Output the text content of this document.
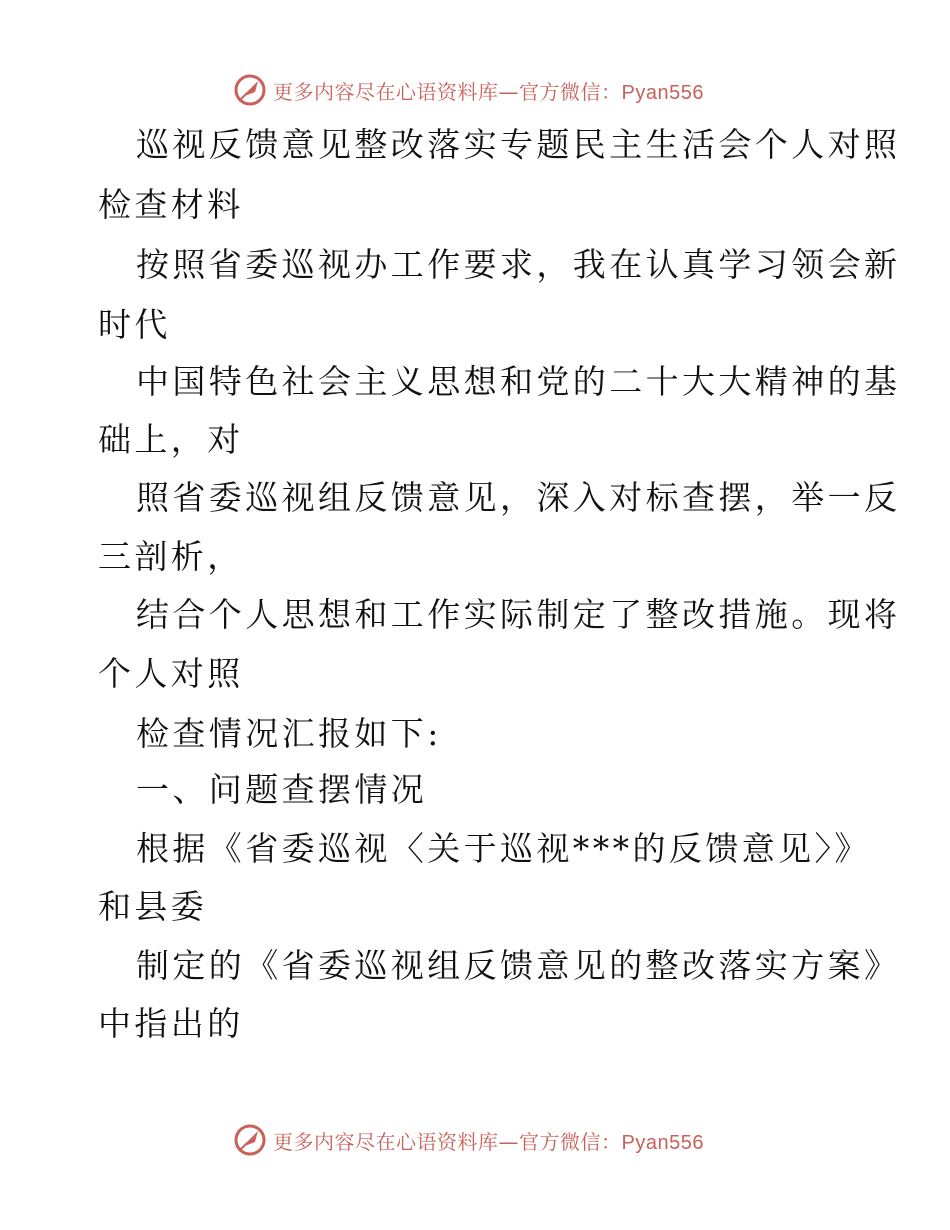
更多内容尽在心语资料库—官方微信：Pyan556
巡视反馈意见整改落实专题民主生活会个人对照
检查材料
按照省委巡视办工作要求，我在认真学习领会新
时代
中国特色社会主义思想和党的二十大大精神的基
础上，对
照省委巡视组反馈意见，深入对标查摆，举一反
三剖析，
结合个人思想和工作实际制定了整改措施。现将
个人对照
检查情况汇报如下:
一、问题查摆情况
根据《省委巡视〈关于巡视***的反馈意见〉》
和县委
制定的《省委巡视组反馈意见的整改落实方案》
中指出的
更多内容尽在心语资料库—官方微信：Pyan556
